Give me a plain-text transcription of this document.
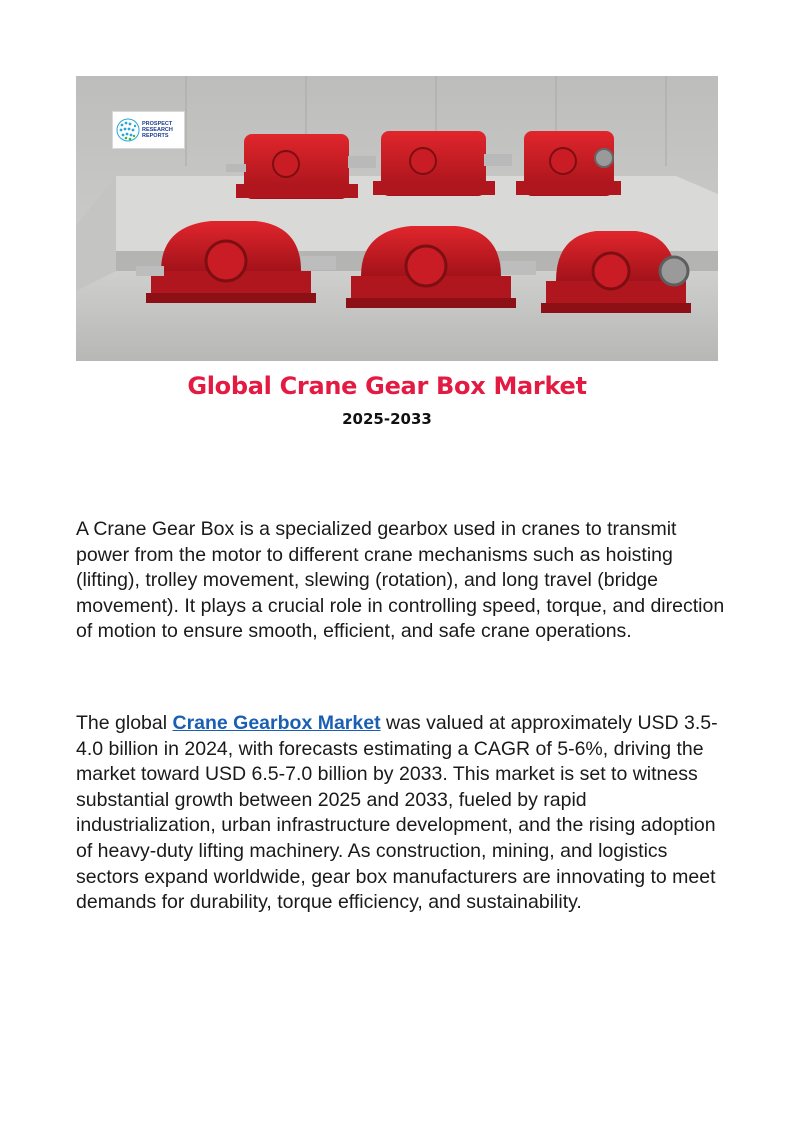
PROSPECT
RESEARCH REPORTS
Global Crane Gear Box Market
2025-2033

A Crane Gear Box is a specialized gearbox used in cranes to transmit power from the motor to different crane mechanisms such as hoisting (lifting), trolley movement, slewing (rotation), and long travel (bridge movement). It plays a crucial role in controlling speed, torque, and direction of motion to ensure smooth, efficient, and safe crane operations.

The global Crane Gearbox Market was valued at approximately USD 3.5-4.0 billion in 2024, with forecasts estimating a CAGR of 5-6%, driving the market toward USD 6.5-7.0 billion by 2033. This market is set to witness substantial growth between 2025 and 2033, fueled by rapid industrialization, urban infrastructure development, and the rising adoption of heavy-duty lifting machinery. As construction, mining, and logistics sectors expand worldwide, gear box manufacturers are innovating to meet demands for durability, torque efficiency, and sustainability.
